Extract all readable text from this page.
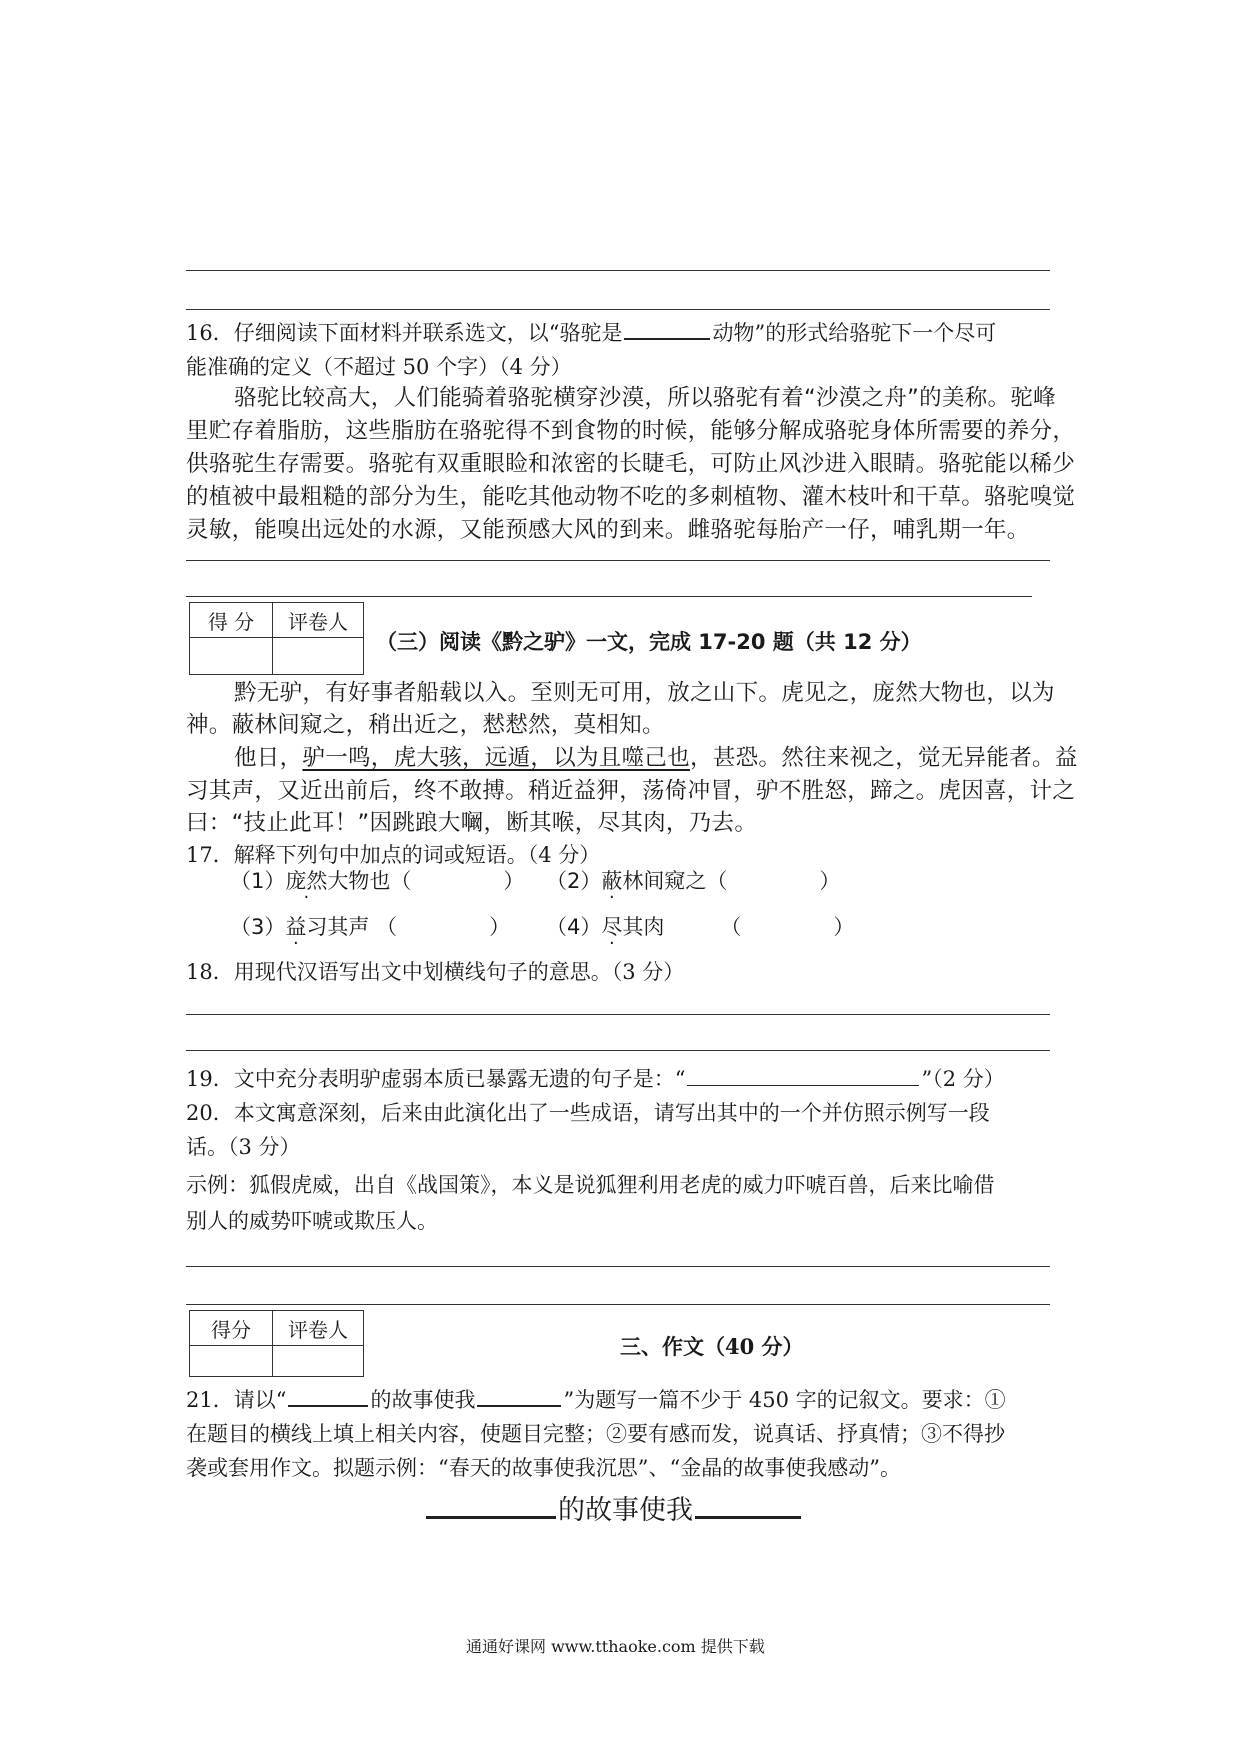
16．仔细阅读下面材料并联系选文，以“骆驼是	动物”的形式给骆驼下一个尽可
能准确的定义（不超过 50 个字）（4 分）
骆驼比较高大，人们能骑着骆驼横穿沙漠，所以骆驼有着“沙漠之舟”的美称。驼峰
里贮存着脂肪，这些脂肪在骆驼得不到食物的时候，能够分解成骆驼身体所需要的养分，
供骆驼生存需要。骆驼有双重眼睑和浓密的长睫毛，可防止风沙进入眼睛。骆驼能以稀少
的植被中最粗糙的部分为生，能吃其他动物不吃的多刺植物、灌木枝叶和干草。骆驼嗅觉
灵敏，能嗅出远处的水源，又能预感大风的到来。雌骆驼每胎产一仔，哺乳期一年。
得 分	评卷人

（三）阅读《黔之驴》一文，完成 17-20 题（共 12 分）
黔无驴，有好事者船载以入。至则无可用，放之山下。虎见之，庞然大物也，以为
神。蔽林间窥之，稍出近之，慭慭然，莫相知。
他日，驴一鸣，虎大骇，远遁，以为且噬己也，甚恐。然往来视之，觉无异能者。益
习其声，又近出前后，终不敢搏。稍近益狎，荡倚冲冒，驴不胜怒，蹄之。虎因喜，计之
曰：“技止此耳！”因跳踉大㘎，断其喉，尽其肉，乃去。
17．解释下列句中加点的词或短语。（4 分）
（1）庞然大物也（	） （2）蔽林间窥之（	）
（3）益习其声 （	） （4）尽其肉	（	）
18．用现代汉语写出文中划横线句子的意思。（3 分）
19．文中充分表明驴虚弱本质已暴露无遗的句子是：“	”（2 分）
20．本文寓意深刻，后来由此演化出了一些成语，请写出其中的一个并仿照示例写一段
话。（3 分）
示例：狐假虎威，出自《战国策》，本义是说狐狸利用老虎的威力吓唬百兽，后来比喻借
别人的威势吓唬或欺压人。
得分	评卷人

三、作文（40 分）
21．请以“	的故事使我	”为题写一篇不少于 450 字的记叙文。要求：①
在题目的横线上填上相关内容，使题目完整；②要有感而发，说真话、抒真情；③不得抄
袭或套用作文。拟题示例：“春天的故事使我沉思”、“金晶的故事使我感动”。
的故事使我
通通好课网 www.tthaoke.com 提供下载
